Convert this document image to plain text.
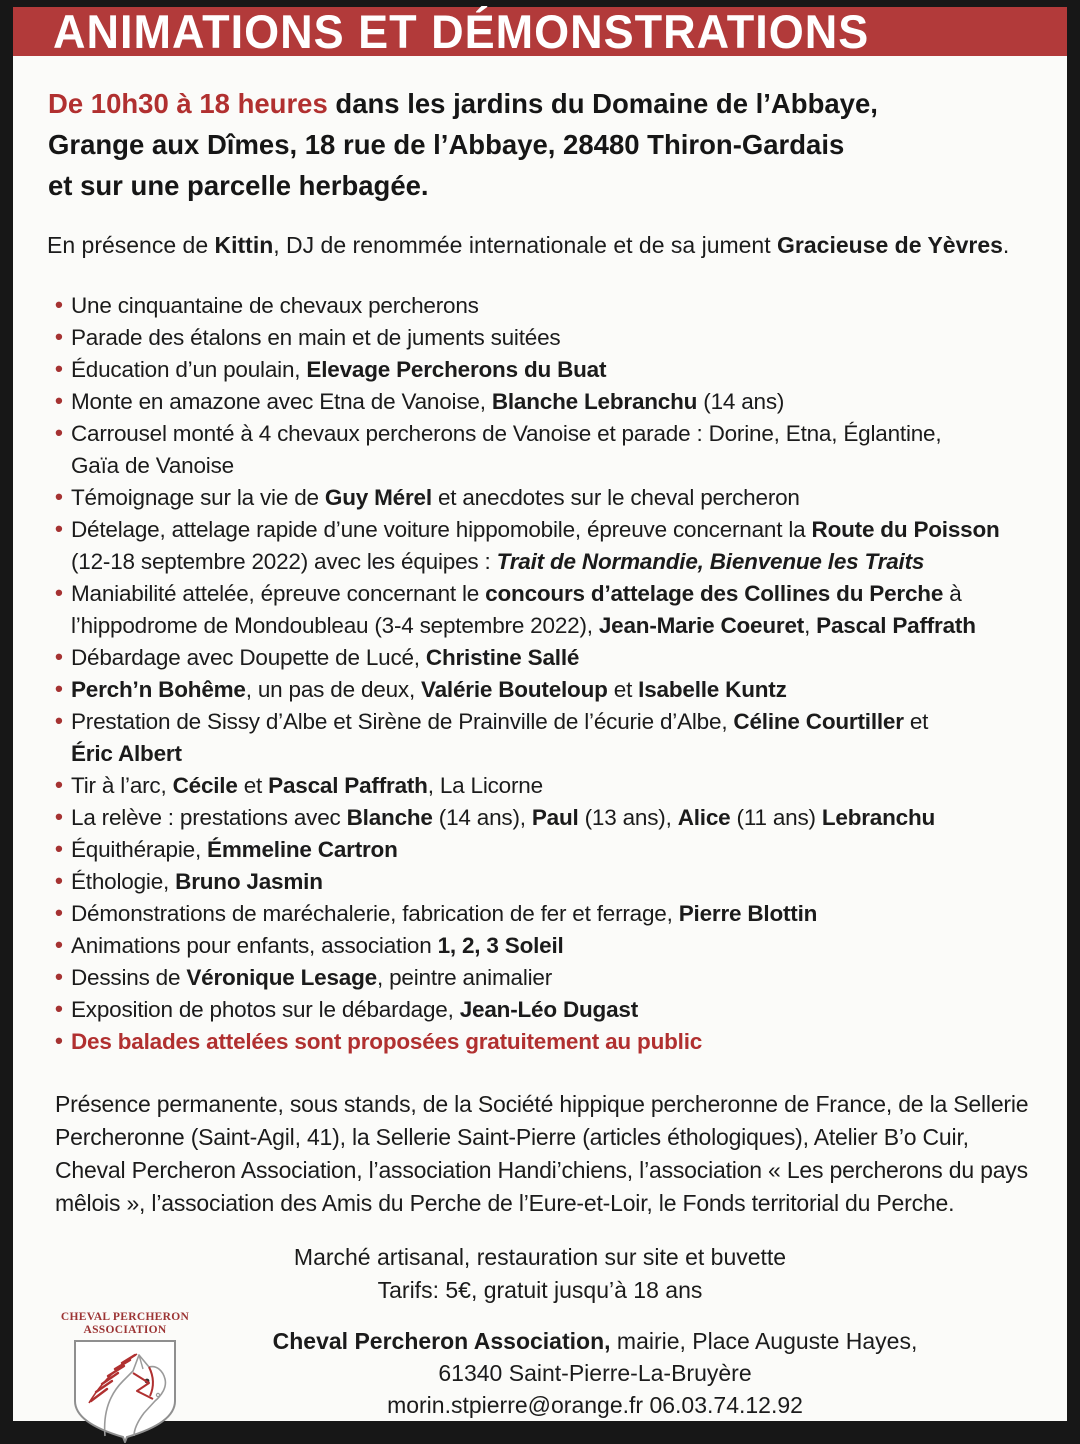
ANIMATIONS ET DÉMONSTRATIONS

De 10h30 à 18 heures dans les jardins du Domaine de l’Abbaye,
Grange aux Dîmes, 18 rue de l’Abbaye, 28480 Thiron-Gardais
et sur une parcelle herbagée.

En présence de Kittin, DJ de renommée internationale et de sa jument Gracieuse de Yèvres.

• Une cinquantaine de chevaux percherons
• Parade des étalons en main et de juments suitées
• Éducation d’un poulain, Elevage Percherons du Buat
• Monte en amazone avec Etna de Vanoise, Blanche Lebranchu (14 ans)
• Carrousel monté à 4 chevaux percherons de Vanoise et parade : Dorine, Etna, Églantine,
Gaïa de Vanoise
• Témoignage sur la vie de Guy Mérel et anecdotes sur le cheval percheron
• Dételage, attelage rapide d’une voiture hippomobile, épreuve concernant la Route du Poisson
(12-18 septembre 2022) avec les équipes : Trait de Normandie, Bienvenue les Traits
• Maniabilité attelée, épreuve concernant le concours d’attelage des Collines du Perche à
l’hippodrome de Mondoubleau (3-4 septembre 2022), Jean-Marie Coeuret, Pascal Paffrath
• Débardage avec Doupette de Lucé, Christine Sallé
• Perch’n Bohême, un pas de deux, Valérie Bouteloup et Isabelle Kuntz
• Prestation de Sissy d’Albe et Sirène de Prainville de l’écurie d’Albe, Céline Courtiller et
Éric Albert
• Tir à l’arc, Cécile et Pascal Paffrath, La Licorne
• La relève : prestations avec Blanche (14 ans), Paul (13 ans), Alice (11 ans) Lebranchu
• Équithérapie, Émmeline Cartron
• Éthologie, Bruno Jasmin
• Démonstrations de maréchalerie, fabrication de fer et ferrage, Pierre Blottin
• Animations pour enfants, association 1, 2, 3 Soleil
• Dessins de Véronique Lesage, peintre animalier
• Exposition de photos sur le débardage, Jean-Léo Dugast
• Des balades attelées sont proposées gratuitement au public

Présence permanente, sous stands, de la Société hippique percheronne de France, de la Sellerie Percheronne (Saint-Agil, 41), la Sellerie Saint-Pierre (articles éthologiques), Atelier B’o Cuir, Cheval Percheron Association, l’association Handi’chiens, l’association « Les percherons du pays mêlois », l’association des Amis du Perche de l’Eure-et-Loir, le Fonds territorial du Perche.

Marché artisanal, restauration sur site et buvette

Tarifs: 5€, gratuit jusqu’à 18 ans

CHEVAL PERCHERON
ASSOCIATION	Cheval Percheron Association, mairie, Place Auguste Hayes,

61340 Saint-Pierre-La-Bruyère

morin.stpierre@orange.fr 06.03.74.12.92
